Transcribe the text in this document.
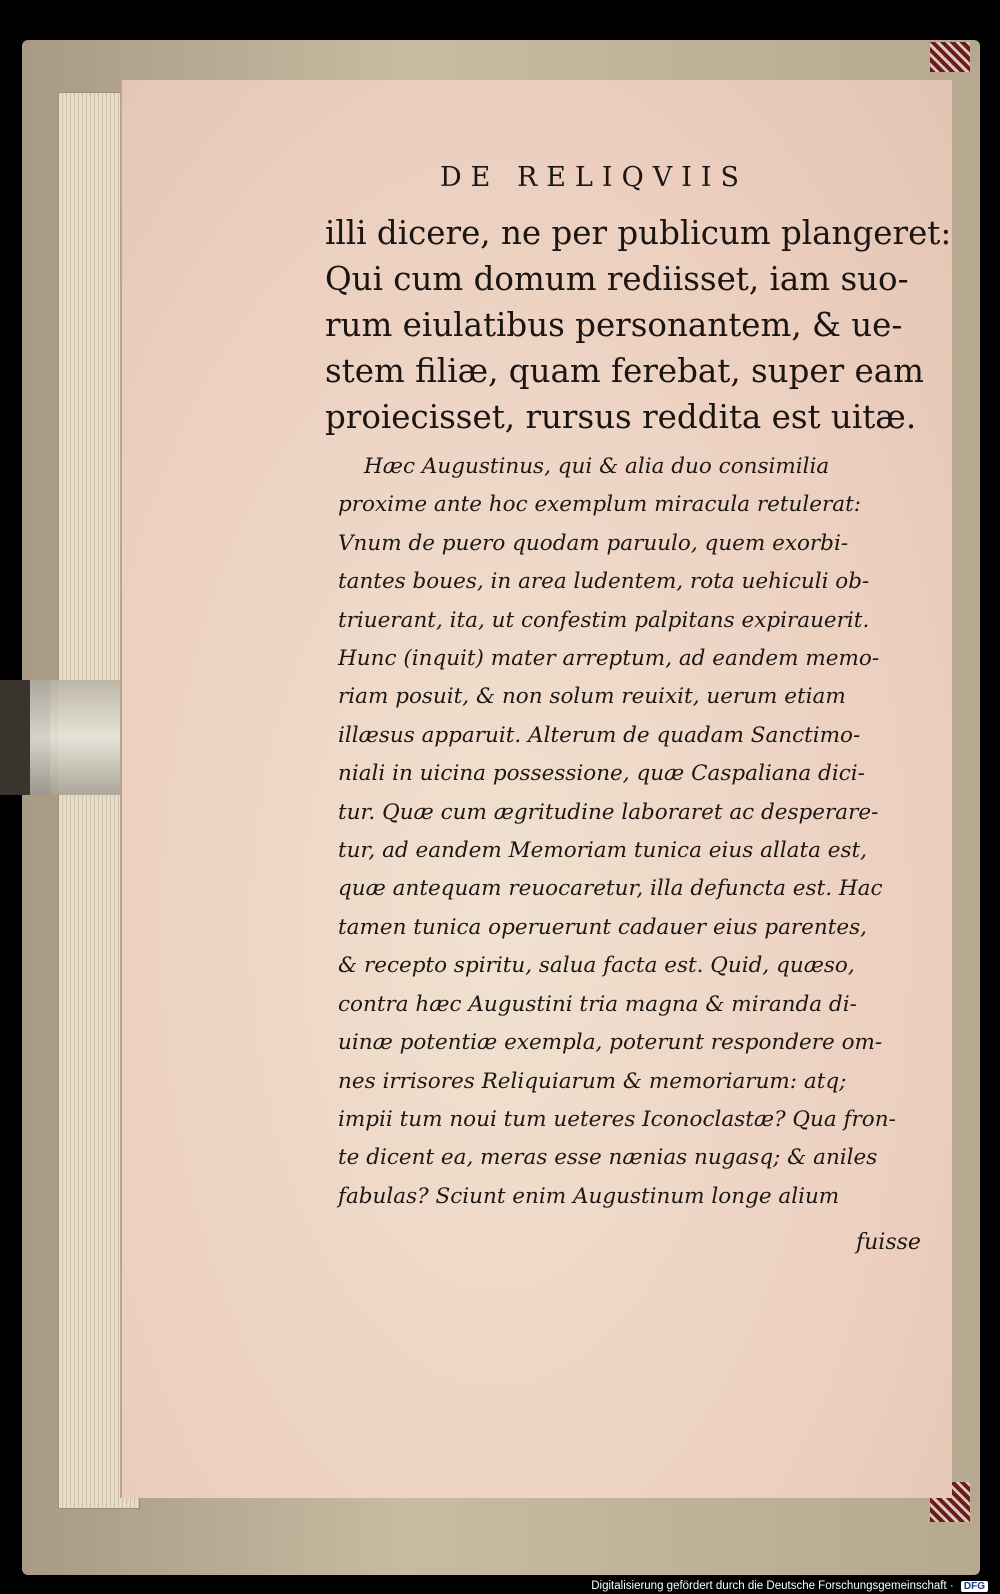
DE RELIQVIIS
illi dicere, ne per publicum plangeret:
Qui cum domum rediisset, iam suo-
rum eiulatibus personantem, & ue-
stem filiæ, quam ferebat, super eam
proiecisset, rursus reddita est uitæ.
Hæc Augustinus, qui & alia duo consimilia
proxime ante hoc exemplum miracula retulerat:
Vnum de puero quodam paruulo, quem exorbi-
tantes boues, in area ludentem, rota uehiculi ob-
triuerant, ita, ut confestim palpitans expirauerit.
Hunc (inquit) mater arreptum, ad eandem memo-
riam posuit, & non solum reuixit, uerum etiam
illæsus apparuit. Alterum de quadam Sanctimo-
niali in uicina possessione, quæ Caspaliana dici-
tur. Quæ cum ægritudine laboraret ac desperare-
tur, ad eandem Memoriam tunica eius allata est,
quæ antequam reuocaretur, illa defuncta est. Hac
tamen tunica operuerunt cadauer eius parentes,
& recepto spiritu, salua facta est. Quid, quæso,
contra hæc Augustini tria magna & miranda di-
uinæ potentiæ exempla, poterunt respondere om-
nes irrisores Reliquiarum & memoriarum: atq;
impii tum noui tum ueteres Iconoclastæ? Qua fron-
te dicent ea, meras esse nænias nugasq; & aniles
fabulas? Sciunt enim Augustinum longe alium
fuisse
Digitalisierung gefördert durch die Deutsche Forschungsgemeinschaft · DFG
